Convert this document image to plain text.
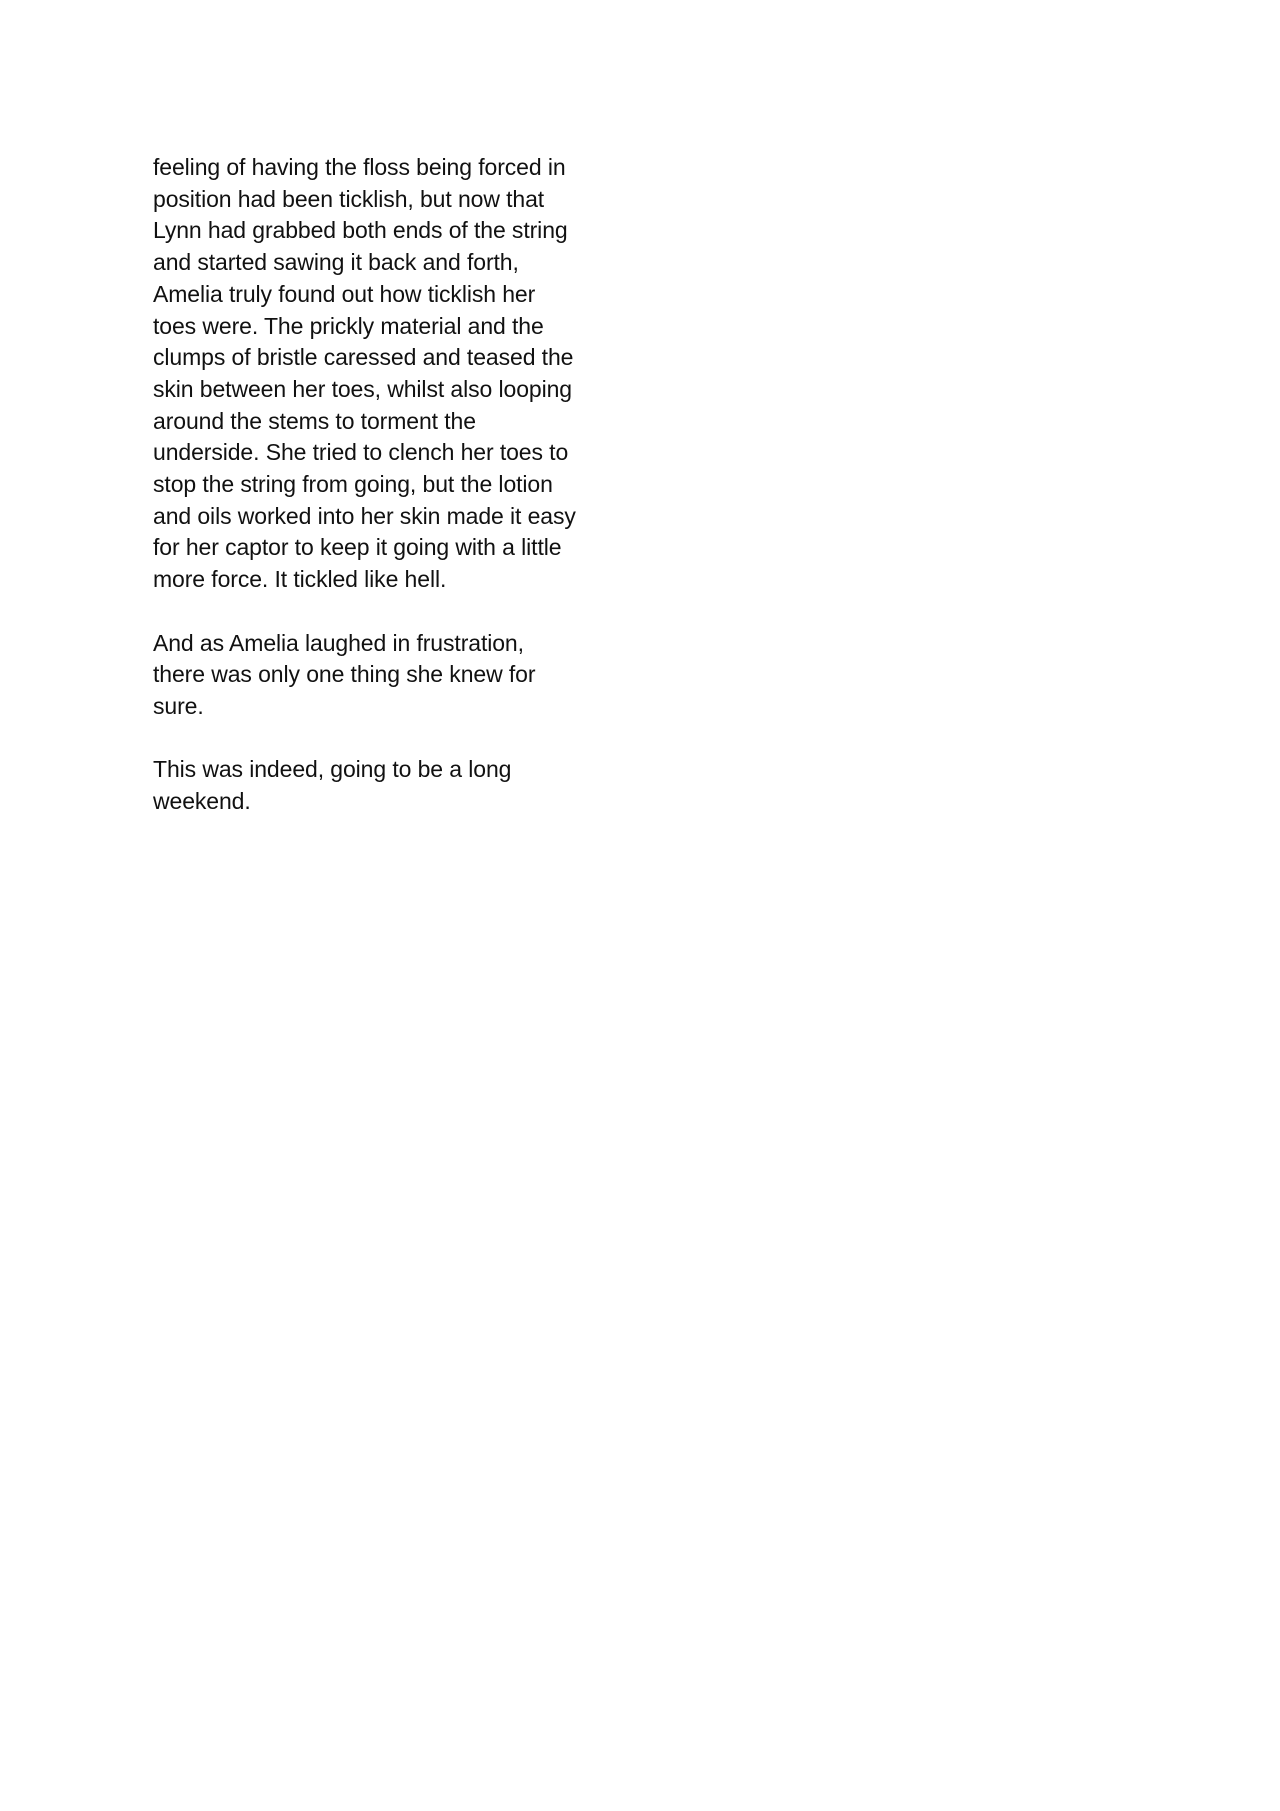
feeling of having the floss being forced in
position had been ticklish, but now that
Lynn had grabbed both ends of the string
and started sawing it back and forth,
Amelia truly found out how ticklish her
toes were. The prickly material and the
clumps of bristle caressed and teased the
skin between her toes, whilst also looping
around the stems to torment the
underside. She tried to clench her toes to
stop the string from going, but the lotion
and oils worked into her skin made it easy
for her captor to keep it going with a little
more force. It tickled like hell.
And as Amelia laughed in frustration,
there was only one thing she knew for
sure.
This was indeed, going to be a long
weekend.
